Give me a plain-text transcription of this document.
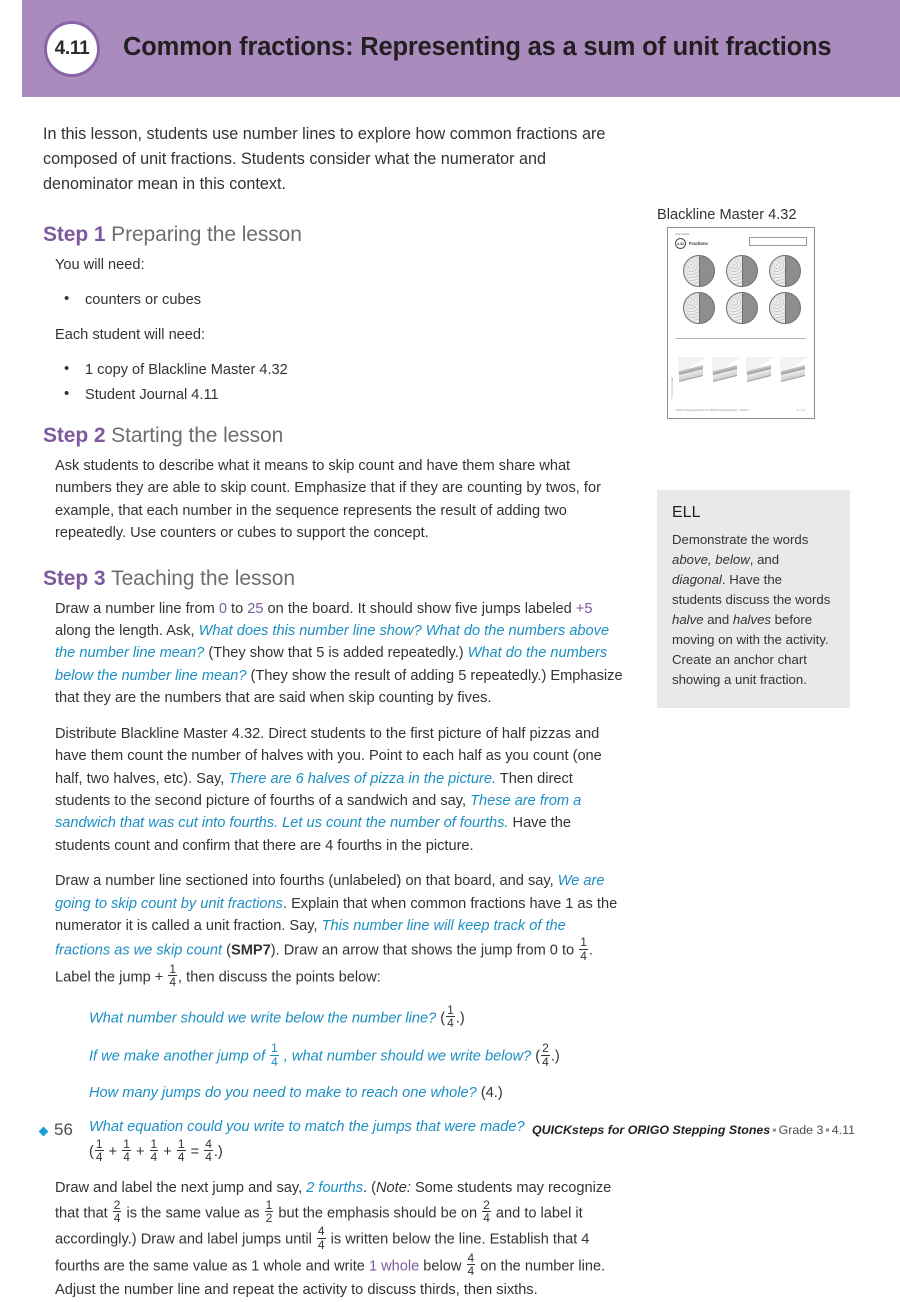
4.11	Common fractions: Representing as a sum of unit fractions

In this lesson, students use number lines to explore how common fractions are composed of unit fractions. Students consider what the numerator and denominator mean in this context.

Step 1 Preparing the lesson

You will need:

• counters or cubes

Each student will need:

• 1 copy of Blackline Master 4.32
• Student Journal 4.11
Step 2 Starting the lesson

Ask students to describe what it means to skip count and have them share what numbers they are able to skip count. Emphasize that if they are counting by twos, for example, that each number in the sequence represents the result of adding two repeatedly. Use counters or cubes to support the concept.

Step 3 Teaching the lesson

Draw a number line from 0 to 25 on the board. It should show five jumps labeled +5 along the length. Ask, What does this number line show? What do the numbers above the number line mean? (They show that 5 is added repeatedly.) What do the numbers below the number line mean? (They show the result of adding 5 repeatedly.) Emphasize that they are the numbers that are said when skip counting by fives.

Distribute Blackline Master 4.32. Direct students to the first picture of half pizzas and have them count the number of halves with you. Point to each half as you count (one half, two halves, etc). Say, There are 6 halves of pizza in the picture. Then direct students to the second picture of fourths of a sandwich and say, These are from a sandwich that was cut into fourths. Let us count the number of fourths. Have the students count and confirm that there are 4 fourths in the picture.

Draw a number line sectioned into fourths (unlabeled) on that board, and say, We are going to skip count by unit fractions. Explain that when common fractions have 1 as the numerator it is called a unit fraction. Say, This number line will keep track of the fractions as we skip count (SMP7). Draw an arrow that shows the jump from 0 to $\frac{1}{4}$ . Label the jump + $\frac{1}{4}$ , then discuss the points below:

What number should we write below the number line? ( $\frac{1}{4}$ .)
If we make another jump of $\frac{1}{4}$ , what number should we write below? ( $\frac{2}{4}$ .)
How many jumps do you need to make to reach one whole? (4.)
What equation could you write to match the jumps that were made?
( $\frac{1}{4} + \frac{1}{4} + \frac{1}{4} + \frac{1}{4} = \frac{4}{4}$ .)

Draw and label the next jump and say, 2 fourths. (Note: Some students may recognize that that $\frac{2}{4}$ is the same value as $\frac{1}{2}$ but the emphasis should be on $\frac{2}{4}$ and to label it accordingly.) Draw and label jumps until $\frac{4}{4}$ is written below the line. Establish that 4 fourths are the same value as 1 whole and write 1 whole below $\frac{4}{4}$ on the number line. Adjust the number line and repeat the activity to discuss thirds, then sixths.

Blackline Master 4.32
COPYABLE
4.32	Fractions
© ORIGO Education
ORIGO Stepping Stones for ORIGO Stepping Stones · Grade 3	4.32
ELL

Demonstrate the words above, below, and diagonal. Have the students discuss the words halve and halves before moving on with the activity. Create an anchor chart showing a unit fraction.

56	QUICKsteps for ORIGO Stepping Stones ▪ Grade 3 ▪ 4.11
